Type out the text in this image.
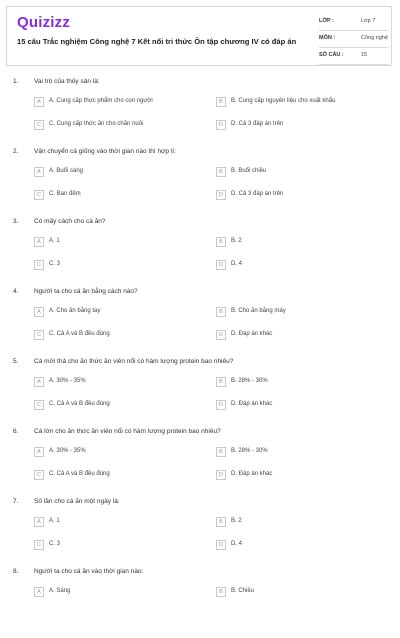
Quizizz
15 câu Trắc nghiệm Công nghệ 7 Kết nối tri thức Ôn tập chương IV có đáp án
LỚP :	Lớp 7
MÔN :	Công nghệ
SỐ CÂU :	15
1. Vai trò của thủy sản là:
A	A. Cung cấp thực phẩm cho con người	B	B. Cung cấp nguyên liệu cho xuất khẩu
C	C. Cung cấp thức ăn cho chăn nuôi	D	D. Cả 3 đáp án trên
2. Vận chuyển cá giống vào thời gian nào thì hợp lí:
A	A. Buổi sáng	B	B. Buổi chiều
C	C. Ban đêm	D	D. Cả 3 đáp án trên
3. Có mấy cách cho cá ăn?
A	A. 1	B	B. 2
C	C. 3	D	D. 4
4. Người ta cho cá ăn bằng cách nào?
A	A. Cho ăn bằng tay	B	B. Cho ăn bằng máy
C	C. Cả A và B đều đúng	D	D. Đáp án khác
5. Cá mới thả cho ăn thức ăn viên nổi có hàm lượng protein bao nhiêu?
A	A. 30% - 35%	B	B. 28% - 30%
C	C. Cả A và B đều đúng	D	D. Đáp án khác
6. Cá lớn cho ăn thức ăn viên nổi có hàm lượng protein bao nhiêu?
A	A. 30% - 35%	B	B. 28% - 30%
C	C. Cả A và B đều đúng	D	D. Đáp án khác
7. Số lần cho cá ăn một ngày là:
A	A. 1	B	B. 2
C	C. 3	D	D. 4
8. Người ta cho cá ăn vào thời gian nào:
A	A. Sáng	B	B. Chiều
